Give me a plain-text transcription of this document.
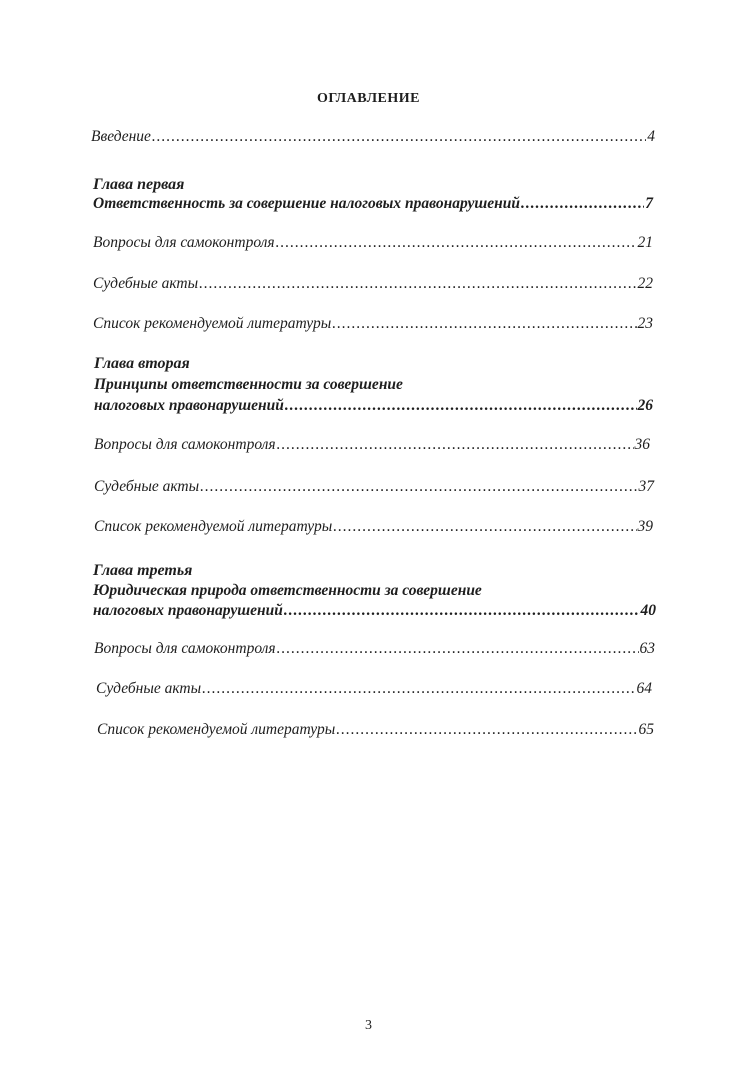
ОГЛАВЛЕНИЕ
Введение .....	4
Глава первая
Ответственность за совершение налоговых правонарушений .....	7
Вопросы для самоконтроля .....	21
Судебные акты .....	22
Список рекомендуемой литературы .....	23
Глава вторая
Принципы ответственности за совершение
налоговых правонарушений .....	26
Вопросы для самоконтроля .....	36
Судебные акты .....	37
Список рекомендуемой литературы .....	39
Глава третья
Юридическая природа ответственности за совершение
налоговых правонарушений .....	40
Вопросы для самоконтроля .....	63
Судебные акты .....	64
Список рекомендуемой литературы .....	65
3
